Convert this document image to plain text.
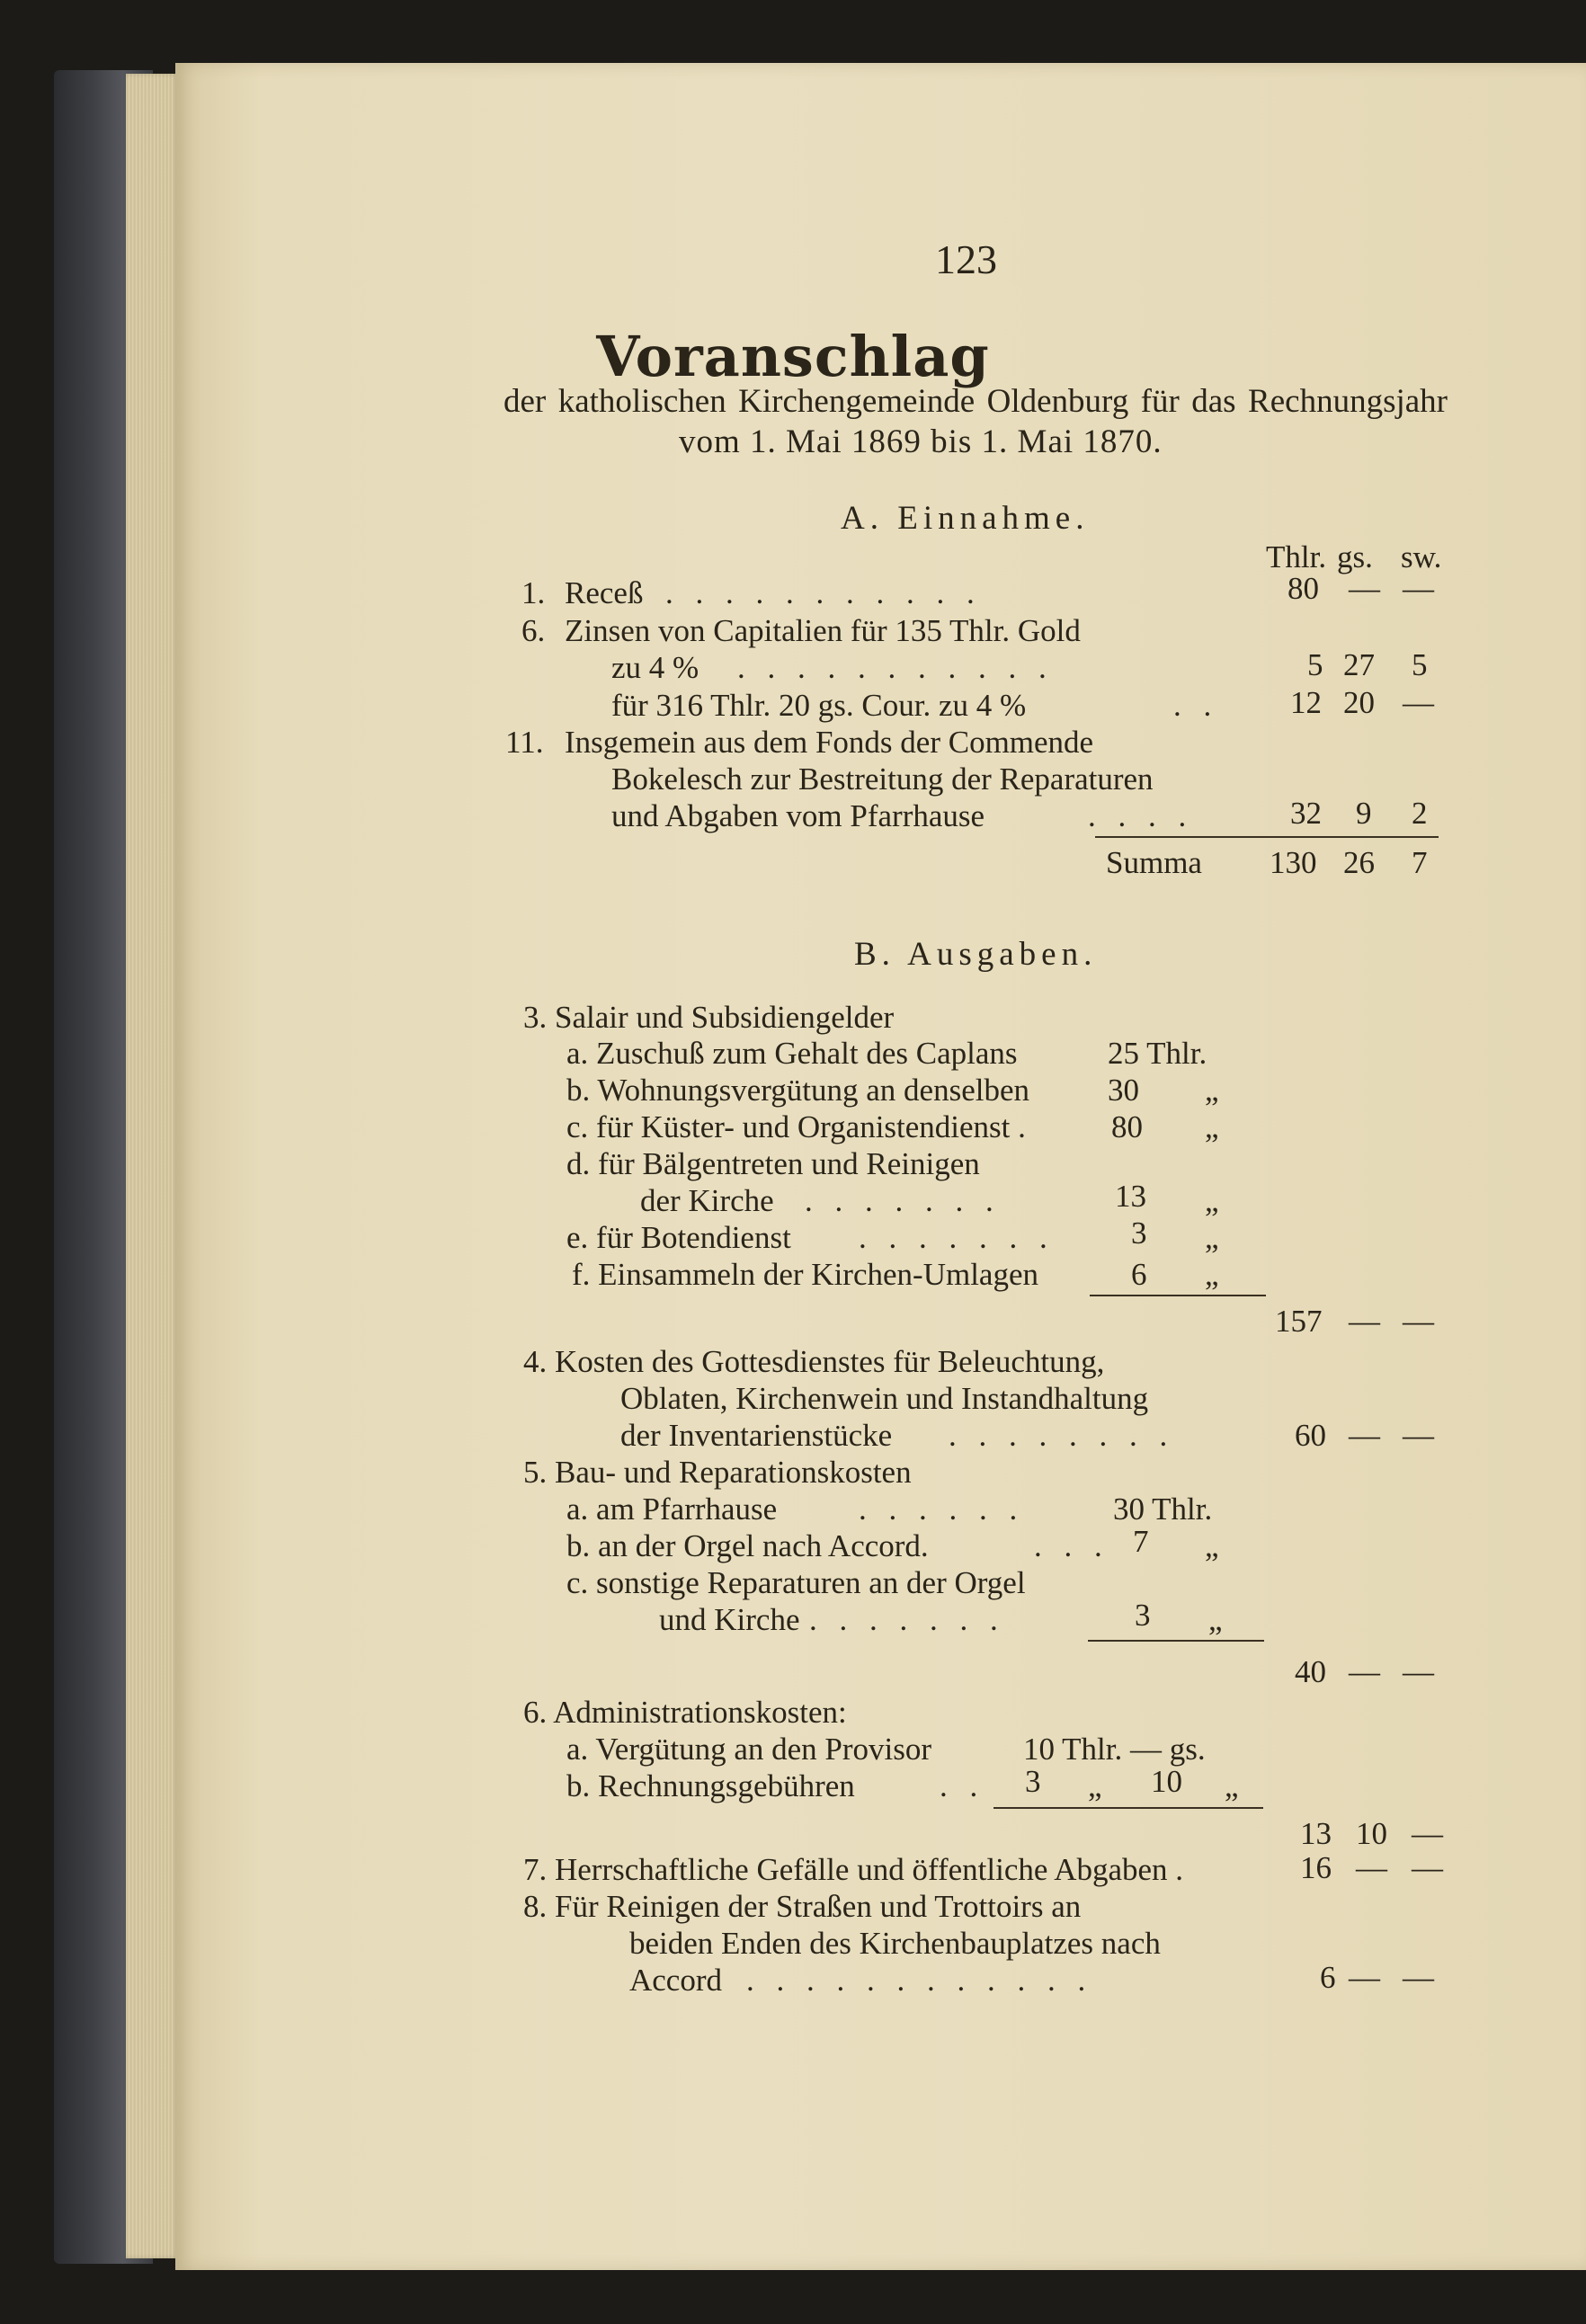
123
Voranschlag
der katholischen Kirchengemeinde Oldenburg für das Rechnungsjahr
vom 1. Mai 1869 bis 1. Mai 1870.
A. Einnahme.
Thlr. gs. sw.
1. Receß . . . . . . . . . . .	80 — —
6. Zinsen von Capitalien für 135 Thlr. Gold
zu 4 % . . . . . . . . . . .	5 27 5
für 316 Thlr. 20 gs. Cour. zu 4 %	. . 12 20 —
11. Insgemein aus dem Fonds der Commende
Bokelesch zur Bestreitung der Reparaturen
und Abgaben vom Pfarrhause	. . . .	32 9 2
Summa 130 26 7
B. Ausgaben.
3. Salair und Subsidiengelder
a. Zuschuß zum Gehalt des Caplans	25 Thlr.
b. Wohnungsvergütung an denselben 30 „
c. für Küster- und Organistendienst .	80 „
d. für Bälgentreten und Reinigen
der Kirche . . . . . . .	13 „
e. für Botendienst . . . . . . . 3 „
f. Einsammeln der Kirchen-Umlagen	6 „
157 — —
4. Kosten des Gottesdienstes für Beleuchtung,
Oblaten, Kirchenwein und Instandhaltung
der Inventarienstücke . . . . . . . .	60 — —
5. Bau- und Reparationskosten
a. am Pfarrhause	. . . . . .	30 Thlr.
b. an der Orgel nach Accord.	. . . 7 „
c. sonstige Reparaturen an der Orgel
und Kirche . . . . . . .	3 „
40 — —
6. Administrationskosten:
a. Vergütung an den Provisor	10 Thlr. — gs.
b. Rechnungsgebühren	. . 3 „ 10 „
13 10 —
7. Herrschaftliche Gefälle und öffentliche Abgaben .	16 — —
8. Für Reinigen der Straßen und Trottoirs an
beiden Enden des Kirchenbauplatzes nach
Accord . . . . . . . . . . . .	6 — —
